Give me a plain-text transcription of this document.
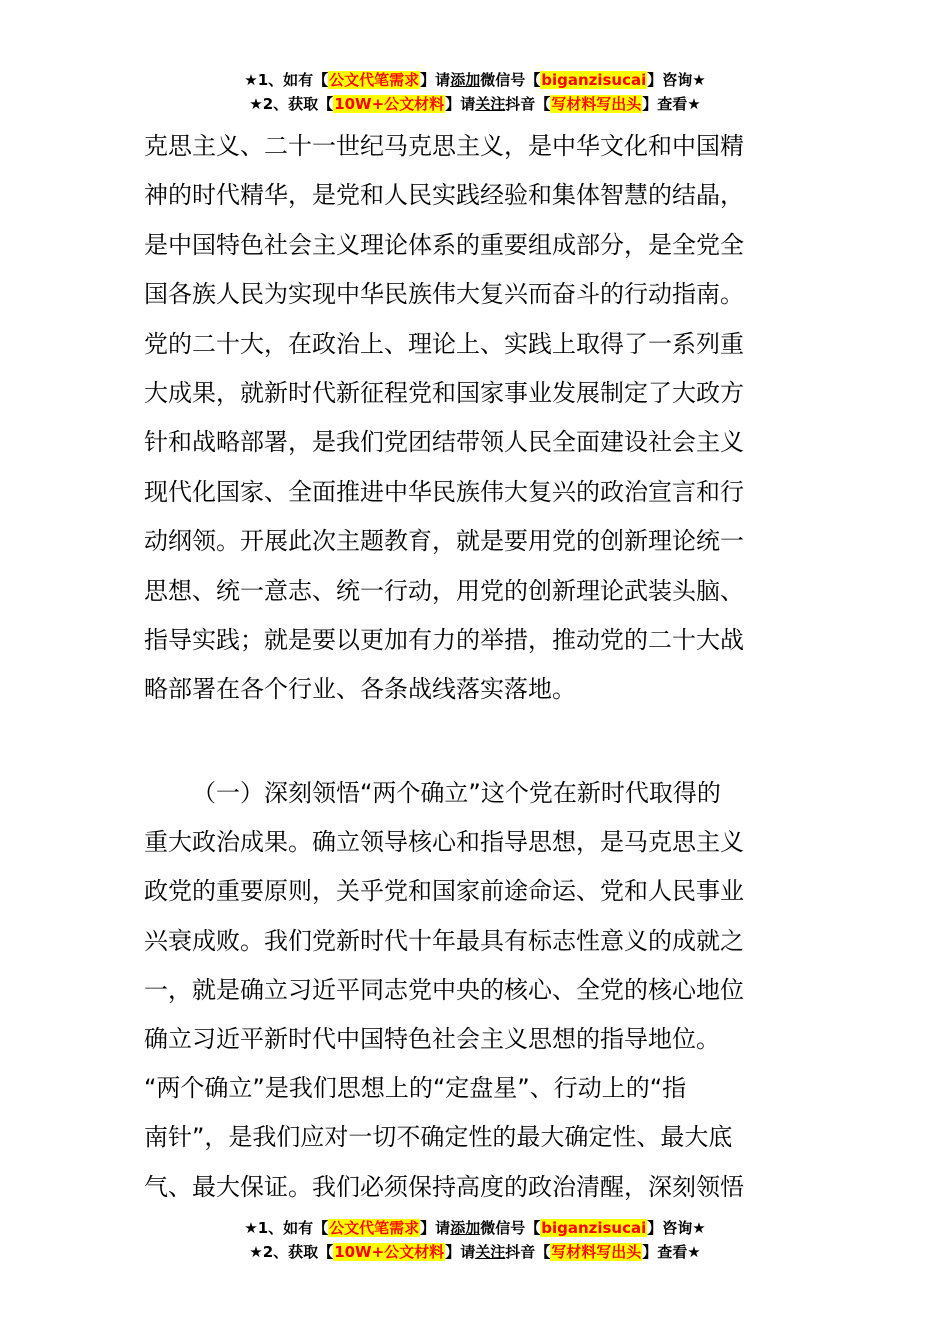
★1、如有【公文代笔需求】请添加微信号【biganzisucai】咨询★
★2、获取【10W+公文材料】请关注抖音【写材料写出头】查看★
克思主义、二十一世纪马克思主义，是中华文化和中国精
神的时代精华，是党和人民实践经验和集体智慧的结晶，
是中国特色社会主义理论体系的重要组成部分，是全党全
国各族人民为实现中华民族伟大复兴而奋斗的行动指南。
党的二十大，在政治上、理论上、实践上取得了一系列重
大成果，就新时代新征程党和国家事业发展制定了大政方
针和战略部署，是我们党团结带领人民全面建设社会主义
现代化国家、全面推进中华民族伟大复兴的政治宣言和行
动纲领。开展此次主题教育，就是要用党的创新理论统一
思想、统一意志、统一行动，用党的创新理论武装头脑、
指导实践；就是要以更加有力的举措，推动党的二十大战
略部署在各个行业、各条战线落实落地。
（一）深刻领悟“两个确立”这个党在新时代取得的
重大政治成果。确立领导核心和指导思想，是马克思主义
政党的重要原则，关乎党和国家前途命运、党和人民事业
兴衰成败。我们党新时代十年最具有标志性意义的成就之
一，就是确立习近平同志党中央的核心、全党的核心地位
确立习近平新时代中国特色社会主义思想的指导地位。
“两个确立”是我们思想上的“定盘星”、行动上的“指
南针”，是我们应对一切不确定性的最大确定性、最大底
气、最大保证。我们必须保持高度的政治清醒，深刻领悟
★1、如有【公文代笔需求】请添加微信号【biganzisucai】咨询★
★2、获取【10W+公文材料】请关注抖音【写材料写出头】查看★
